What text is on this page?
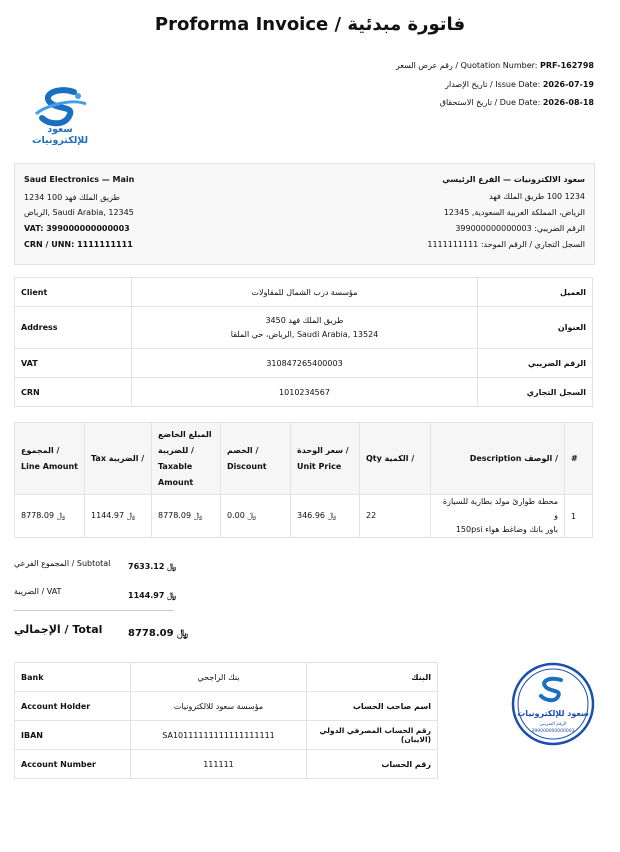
Proforma Invoice / فاتورة مبدئية
رقم عرض السعر / Quotation Number: PRF-162798
تاريخ الإصدار / Issue Date: 2026-07-19
تاريخ الاستحقاق / Due Date: 2026-08-18
سعود للإلكترونيات
Saud Electronics — Main
1234 100 طريق الملك فهد
الرياض, Saudi Arabia, 12345
VAT: 399000000000003
CRN / UNN: 1111111111
سعود الالكترونيات — الفرع الرئيسي
1234 100 طريق الملك فهد
الرياض، المملكة العربية السعودية, 12345
الرقم الضريبي: 399000000000003
السجل التجاري / الرقم الموحد: 1111111111
Client	مؤسسة درب الشمال للمقاولات	العميل
Address	3450 طريق الملك فهد
الرياض، حي الملقا, Saudi Arabia, 13524	العنوان
VAT	310847265400003	الرقم الضريبي
CRN	1010234567	السجل التجاري
المجموع / Line Amount	Tax الضريبة /	المبلغ الخاضع للضريبة / Taxable Amount	الخصم / Discount	سعر الوحدة / Unit Price	Qty الكمية /	Description الوصف /	#
﷼ 8778.09	﷼ 1144.97	﷼ 8778.09	﷼ 0.00	﷼ 346.96	22	محطة طوارئ مولد بطارية للسيارة و
باور بانك وضاغط هواء 150psi	1
المجموع الفرعي / Subtotal	﷼ 7633.12
الضريبة / VAT	﷼ 1144.97
الإجمالي / Total	﷼ 8778.09
Bank	بنك الراجحي	البنك
Account Holder	مؤسسة سعود للالكترونيات	اسم صاحب الحساب
IBAN	SA10111111111111111111	رقم الحساب المصرفي الدولي (الايبان)
Account Number	111111	رقم الحساب
سعود للإلكترونيات
الرقم الضريبي
399000000000003
